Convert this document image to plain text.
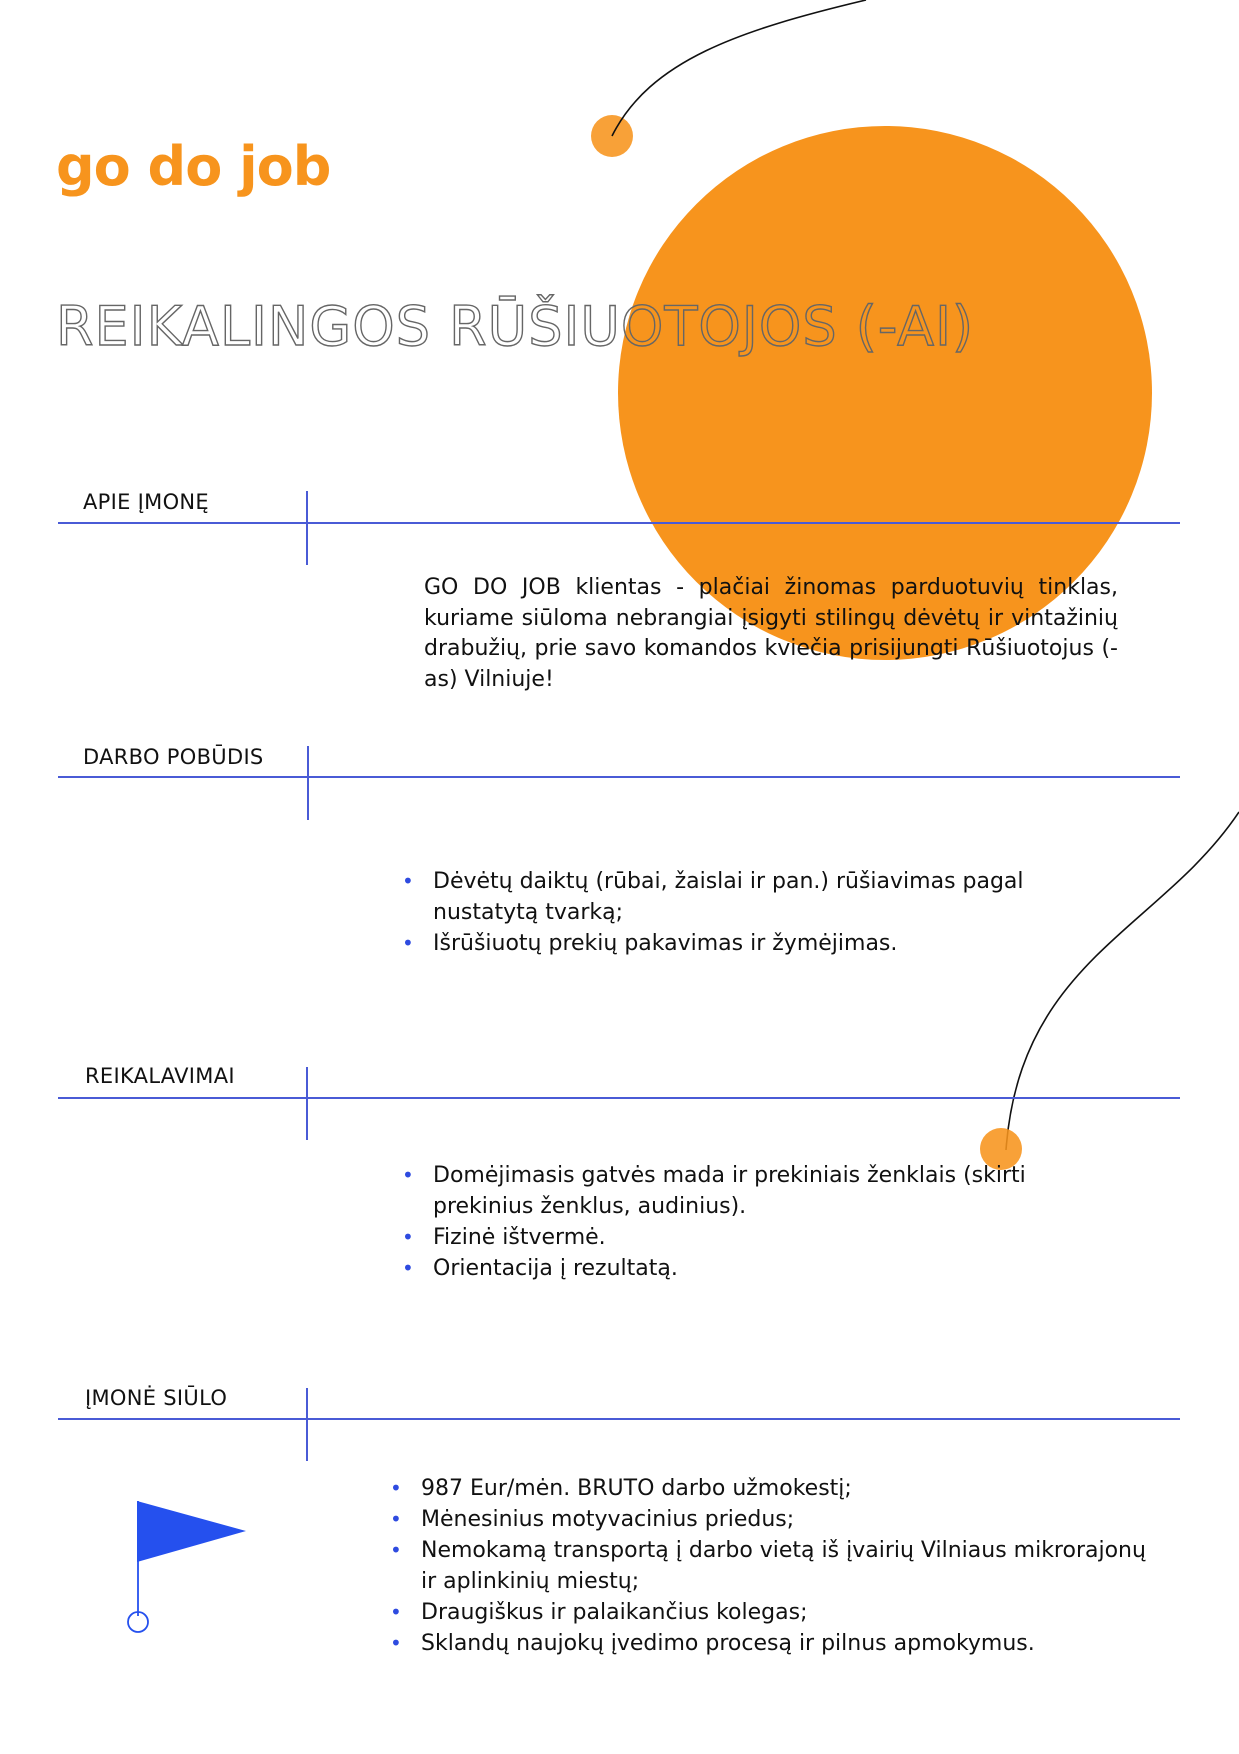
go do job
REIKALINGOS RŪŠIUOTOJOS (-AI)
APIE ĮMONĘ
GO DO JOB klientas - plačiai žinomas parduotuvių tinklas, kuriame siūloma nebrangiai įsigyti stilingų dėvėtų ir vintažinių drabužių, prie savo komandos kviečia prisijungti Rūšiuotojus (-as) Vilniuje!
DARBO POBŪDIS
• Dėvėtų daiktų (rūbai, žaislai ir pan.) rūšiavimas pagal nustatytą tvarką;
• Išrūšiuotų prekių pakavimas ir žymėjimas.
REIKALAVIMAI
• Domėjimasis gatvės mada ir prekiniais ženklais (skirti prekinius ženklus, audinius).
• Fizinė ištvermė.
• Orientacija į rezultatą.
ĮMONĖ SIŪLO
• 987 Eur/mėn. BRUTO darbo užmokestį;
• Mėnesinius motyvacinius priedus;
• Nemokamą transportą į darbo vietą iš įvairių Vilniaus mikrorajonų ir aplinkinių miestų;
• Draugiškus ir palaikančius kolegas;
• Sklandų naujokų įvedimo procesą ir pilnus apmokymus.
